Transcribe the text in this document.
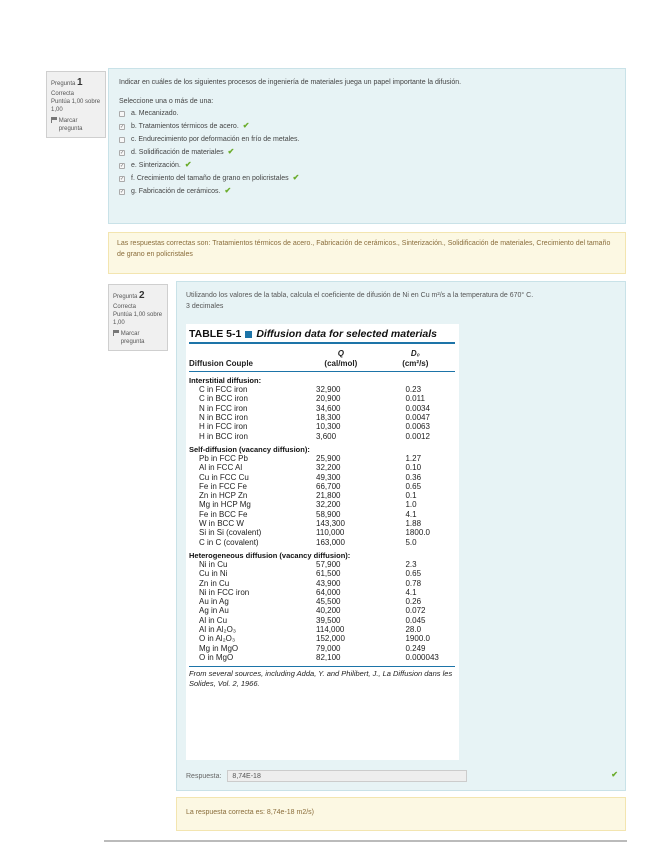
Pregunta 1
Correcta
Puntúa 1,00 sobre 1,00
Marcar pregunta
Indicar en cuáles de los siguientes procesos de ingeniería de materiales juega un papel importante la difusión.
Seleccione una o más de una:
a. Mecanizado.
✓ b. Tratamientos térmicos de acero. ✔
c. Endurecimiento por deformación en frío de metales.
✓ d. Solidificación de materiales ✔
✓ e. Sinterización. ✔
✓ f. Crecimiento del tamaño de grano en policristales ✔
✓ g. Fabricación de cerámicos. ✔
Las respuestas correctas son: Tratamientos térmicos de acero., Fabricación de cerámicos., Sinterización., Solidificación de materiales, Crecimiento del tamaño de grano en policristales
Pregunta 2
Correcta
Puntúa 1,00 sobre 1,00
Marcar pregunta
Utilizando los valores de la tabla, calcula el coeficiente de difusión de Ni en Cu m²/s a la temperatura de 670° C.
3 decimales
TABLE 5-1 Diffusion data for selected materials
Diffusion Couple
Q
(cal/mol)
D₀
(cm²/s)
Interstitial diffusion:
C in FCC iron	32,900	0.23
C in BCC iron	20,900	0.011
N in FCC iron	34,600	0.0034
N in BCC iron	18,300	0.0047
H in FCC iron	10,300	0.0063
H in BCC iron	3,600	0.0012
Self-diffusion (vacancy diffusion):
Pb in FCC Pb	25,900	1.27
Al in FCC Al	32,200	0.10
Cu in FCC Cu	49,300	0.36
Fe in FCC Fe	66,700	0.65
Zn in HCP Zn	21,800	0.1
Mg in HCP Mg	32,200	1.0
Fe in BCC Fe	58,900	4.1
W in BCC W	143,300	1.88
Si in Si (covalent)	110,000	1800.0
C in C (covalent)	163,000	5.0
Heterogeneous diffusion (vacancy diffusion):
Ni in Cu	57,900	2.3
Cu in Ni	61,500	0.65
Zn in Cu	43,900	0.78
Ni in FCC iron	64,000	4.1
Au in Ag	45,500	0.26
Ag in Au	40,200	0.072
Al in Cu	39,500	0.045
Al in Al₂O₃	114,000	28.0
O in Al₂O₃	152,000	1900.0
Mg in MgO	79,000	0.249
O in MgO	82,100	0.000043
From several sources, including Adda, Y. and Philibert, J., La Diffusion dans les Solides, Vol. 2, 1966.
Respuesta:	8,74E-18	✔
La respuesta correcta es: 8,74e-18 m2/s)
